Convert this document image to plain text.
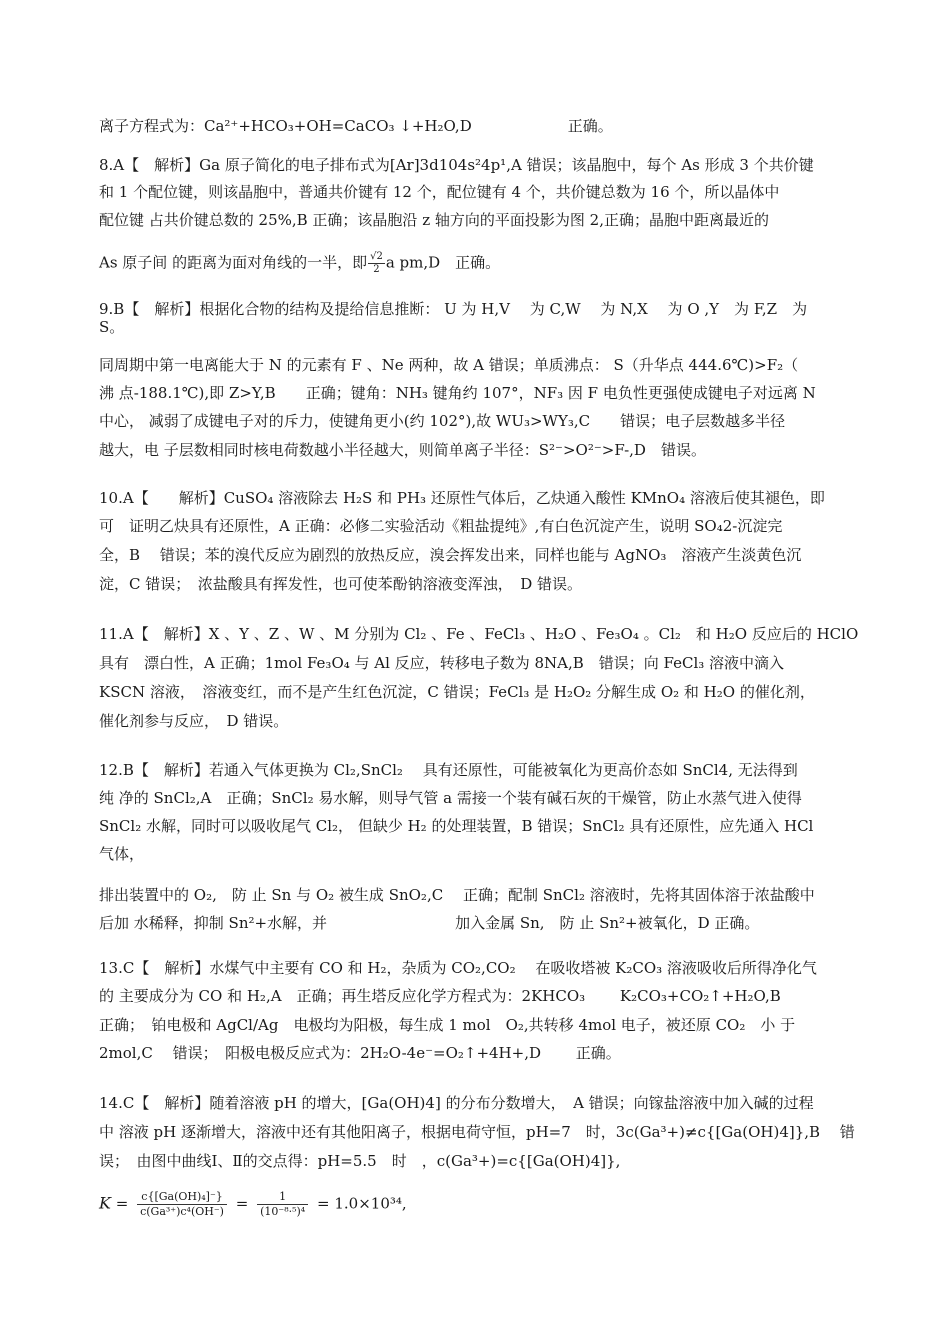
离子方程式为：Ca²⁺+HCO₃+OH=CaCO₃ ↓+H₂O,D	正确。
8.A【　解析】Ga 原子简化的电子排布式为[Ar]3d104s²4p¹,A 错误；该晶胞中，每个 As 形成 3 个共价键
和 1 个配位键，则该晶胞中，普通共价键有 12 个，配位键有 4 个，共价键总数为 16 个，所以晶体中
配位键 占共价键总数的 25%,B 正确；该晶胞沿 z 轴方向的平面投影为图 2,正确；晶胞中距离最近的
As 原子间 的距离为面对角线的一半，即 $\frac{√2}{2}$ a pm,D　正确。
9.B【　解析】根据化合物的结构及提给信息推断： U 为 H,V　 为 C,W　 为 N,X　 为 O ,Y　为 F,Z　为
S。
同周期中第一电离能大于 N 的元素有 F 、Ne 两种，故 A 错误；单质沸点： S（升华点 444.6℃)>F₂（
沸 点-188.1℃),即 Z>Y,B　　正确；键角：NH₃ 键角约 107°，NF₃ 因 F 电负性更强使成键电子对远离 N
中心， 减弱了成键电子对的斥力，使键角更小(约 102°),故 WU₃>WY₃,C　　错误；电子层数越多半径
越大，电 子层数相同时核电荷数越小半径越大，则简单离子半径：S²⁻>O²⁻>F-,D　错误。
10.A【　　解析】CuSO₄ 溶液除去 H₂S 和 PH₃ 还原性气体后，乙炔通入酸性 KMnO₄ 溶液后使其褪色，即
可　证明乙炔具有还原性，A 正确：必修二实验活动《粗盐提纯》,有白色沉淀产生，说明 SO₄2-沉淀完
全，B　 错误；苯的溴代反应为剧烈的放热反应，溴会挥发出来，同样也能与 AgNO₃　溶液产生淡黄色沉
淀，C 错误；　浓盐酸具有挥发性，也可使苯酚钠溶液变浑浊，　D 错误。
11.A【　解析】X 、Y 、Z 、W 、M 分别为 Cl₂ 、Fe 、FeCl₃ 、H₂O 、Fe₃O₄ 。Cl₂　和 H₂O 反应后的 HClO
具有　漂白性，A 正确；1mol Fe₃O₄ 与 Al 反应，转移电子数为 8NA,B　错误；向 FeCl₃ 溶液中滴入
KSCN 溶液，　溶液变红，而不是产生红色沉淀，C 错误；FeCl₃ 是 H₂O₂ 分解生成 O₂ 和 H₂O 的催化剂，
催化剂参与反应，　D 错误。
12.B【　解析】若通入气体更换为 Cl₂,SnCl₂　 具有还原性，可能被氧化为更高价态如 SnCl4, 无法得到
纯 净的 SnCl₂,A　正确；SnCl₂ 易水解，则导气管 a 需接一个装有碱石灰的干燥管，防止水蒸气进入使得
SnCl₂ 水解，同时可以吸收尾气 Cl₂， 但缺少 H₂ 的处理装置，B 错误；SnCl₂ 具有还原性，应先通入 HCl
气体，
排出装置中的 O₂,　防 止 Sn 与 O₂ 被生成 SnO₂,C　 正确；配制 SnCl₂ 溶液时，先将其固体溶于浓盐酸中
后加 水稀释，抑制 Sn²+水解，并	加入金属 Sn,　防 止 Sn²+被氧化，D 正确。
13.C【　解析】水煤气中主要有 CO 和 H₂，杂质为 CO₂,CO₂　 在吸收塔被 K₂CO₃ 溶液吸收后所得净化气
的 主要成分为 CO 和 H₂,A　正确；再生塔反应化学方程式为：2KHCO₃　　 K₂CO₃+CO₂↑+H₂O,B
正确；　铂电极和 AgCl/Ag　电极均为阳极，每生成 1 mol　O₂,共转移 4mol 电子，被还原 CO₂　小 于
2mol,C　 错误；　阳极电极反应式为：2H₂O-4e⁻=O₂↑+4H+,D　　 正确。
14.C【　解析】随着溶液 pH 的增大，[Ga(OH)4] 的分布分数增大，　A 错误；向镓盐溶液中加入碱的过程
中 溶液 pH 逐渐增大，溶液中还有其他阳离子，根据电荷守恒，pH=7　时，3c(Ga³+)≠c{[Ga(OH)4]},B　 错
误；　由图中曲线Ⅰ、Ⅱ的交点得：pH=5.5　时　，c(Ga³+)=c{[Ga(OH)4]},
$K = \frac{\text{c\{[Ga(OH)₄]⁻\}}}{\text{c(Ga³⁺)c⁴(OH⁻)}} = \frac{1}{\text{(10⁻⁸·⁵)⁴}} = 1.0\times 10^{34}$,
